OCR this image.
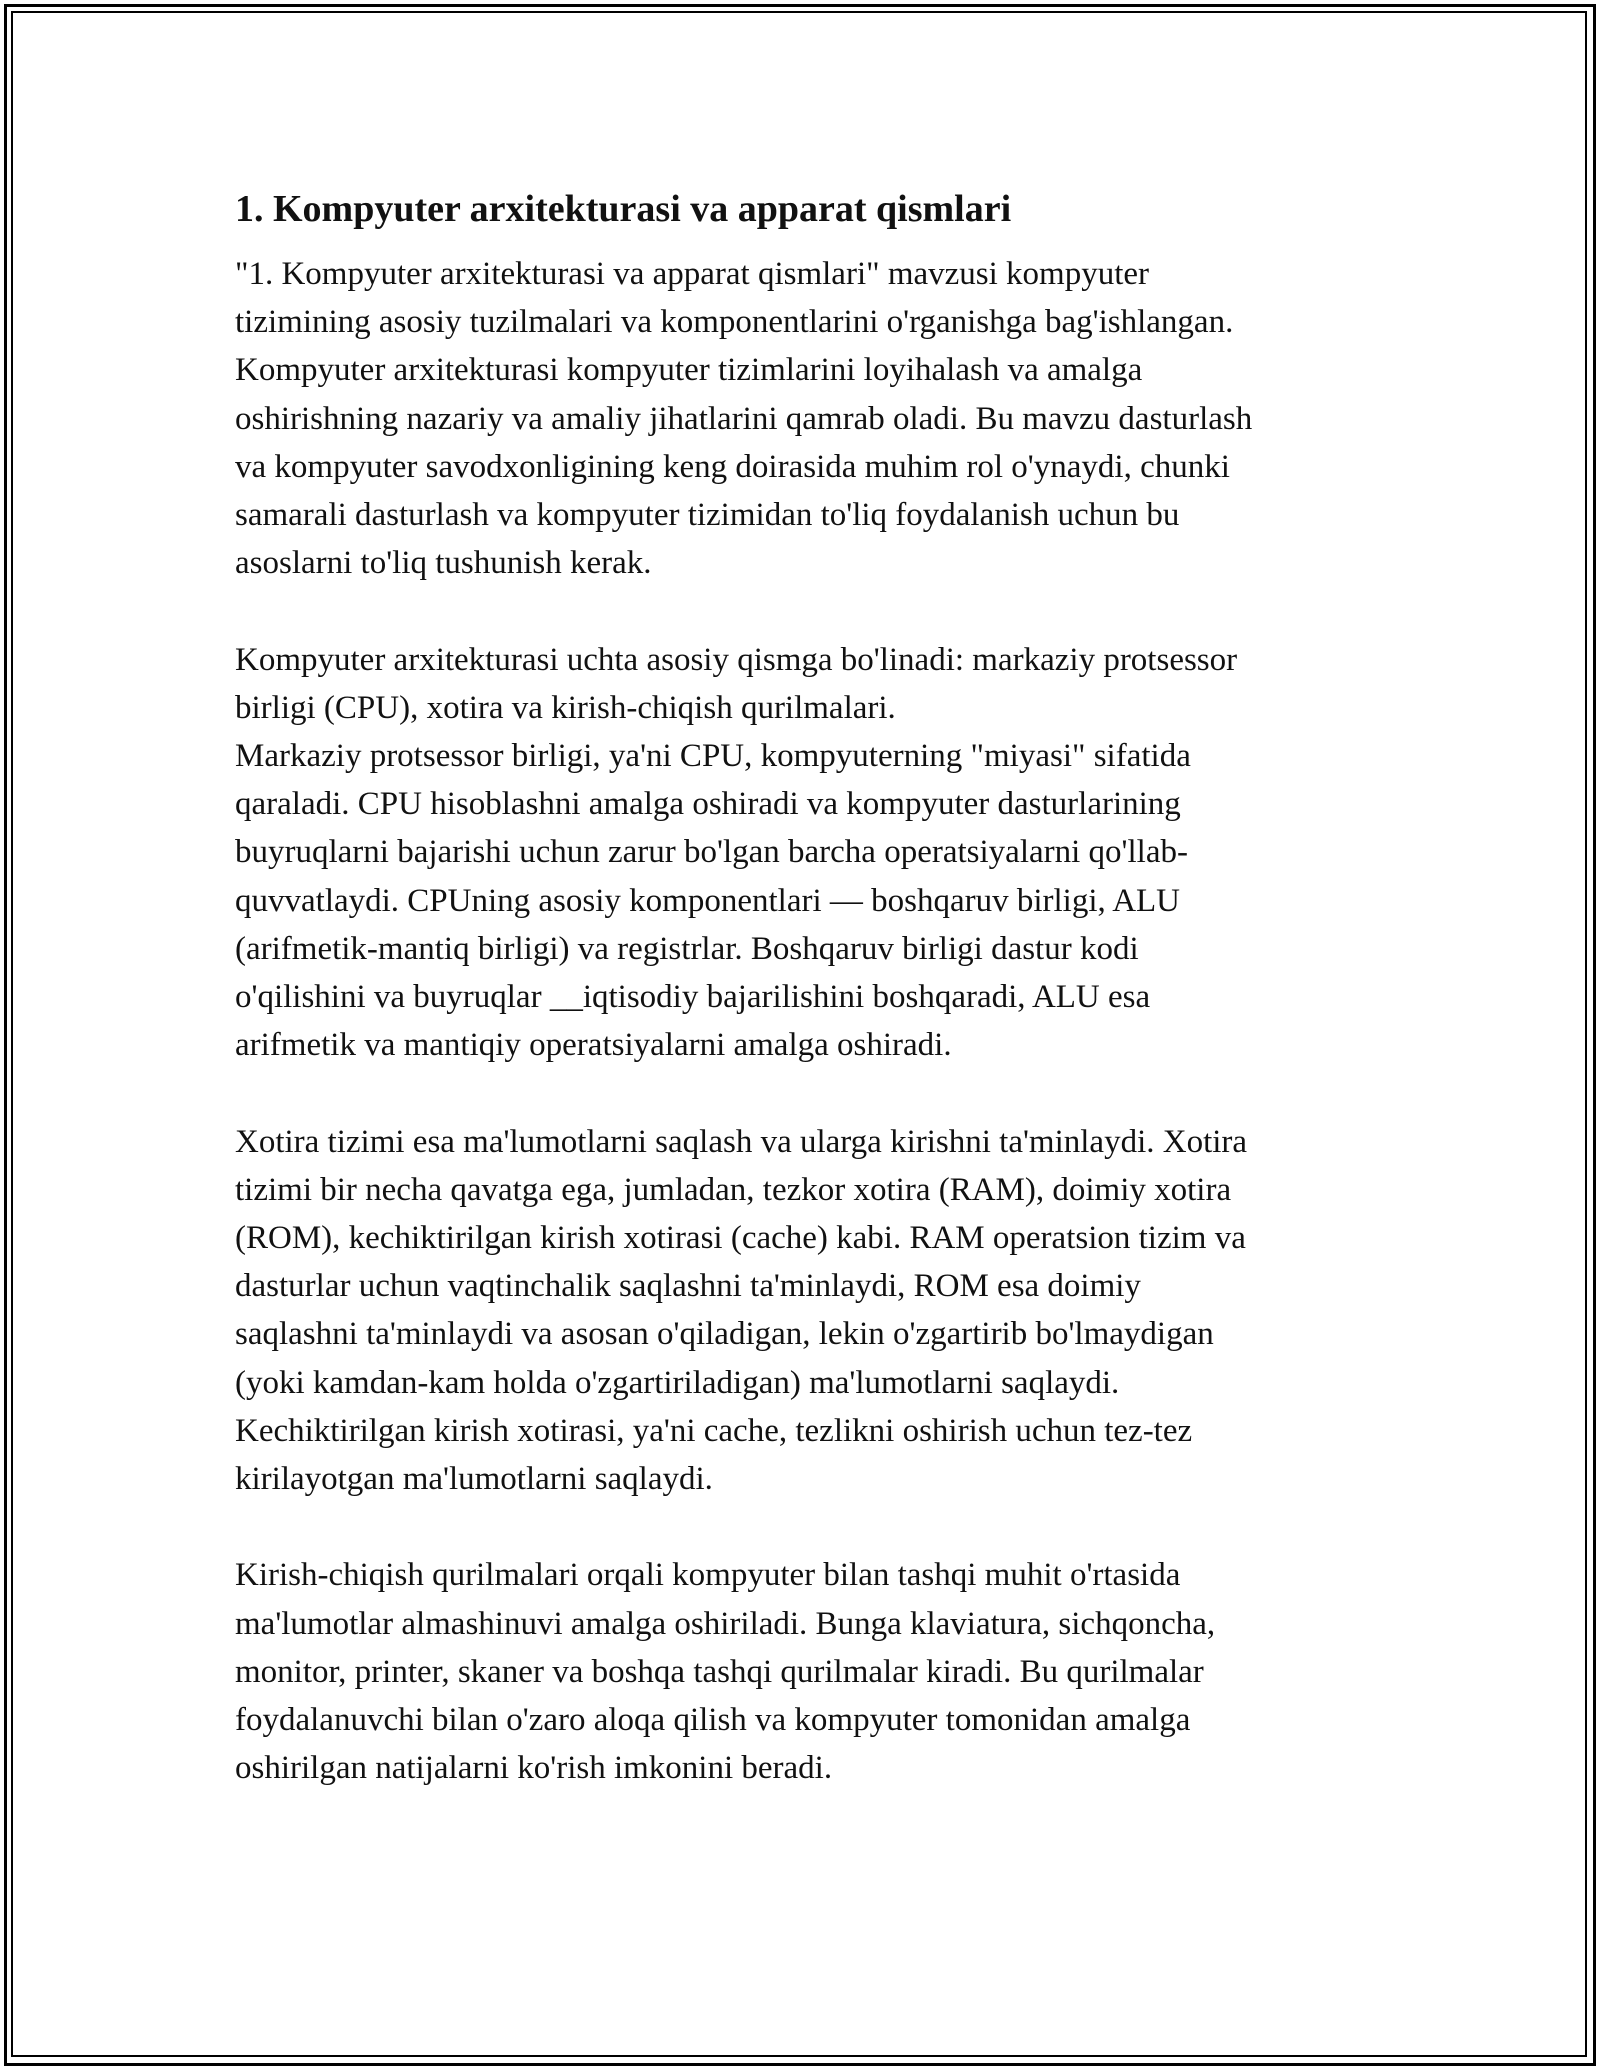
1. Kompyuter arxitekturasi va apparat qismlari

"1. Kompyuter arxitekturasi va apparat qismlari" mavzusi kompyuter
tizimining asosiy tuzilmalari va komponentlarini o'rganishga bag'ishlangan.
Kompyuter arxitekturasi kompyuter tizimlarini loyihalash va amalga
oshirishning nazariy va amaliy jihatlarini qamrab oladi. Bu mavzu dasturlash
va kompyuter savodxonligining keng doirasida muhim rol o'ynaydi, chunki
samarali dasturlash va kompyuter tizimidan to'liq foydalanish uchun bu
asoslarni to'liq tushunish kerak.

Kompyuter arxitekturasi uchta asosiy qismga bo'linadi: markaziy protsessor
birligi (CPU), xotira va kirish-chiqish qurilmalari.
Markaziy protsessor birligi, ya'ni CPU, kompyuterning "miyasi" sifatida
qaraladi. CPU hisoblashni amalga oshiradi va kompyuter dasturlarining
buyruqlarni bajarishi uchun zarur bo'lgan barcha operatsiyalarni qo'llab-
quvvatlaydi. CPUning asosiy komponentlari — boshqaruv birligi, ALU
(arifmetik-mantiq birligi) va registrlar. Boshqaruv birligi dastur kodi
o'qilishini va buyruqlar __iqtisodiy bajarilishini boshqaradi, ALU esa
arifmetik va mantiqiy operatsiyalarni amalga oshiradi.

Xotira tizimi esa ma'lumotlarni saqlash va ularga kirishni ta'minlaydi. Xotira
tizimi bir necha qavatga ega, jumladan, tezkor xotira (RAM), doimiy xotira
(ROM), kechiktirilgan kirish xotirasi (cache) kabi. RAM operatsion tizim va
dasturlar uchun vaqtinchalik saqlashni ta'minlaydi, ROM esa doimiy
saqlashni ta'minlaydi va asosan o'qiladigan, lekin o'zgartirib bo'lmaydigan
(yoki kamdan-kam holda o'zgartiriladigan) ma'lumotlarni saqlaydi.
Kechiktirilgan kirish xotirasi, ya'ni cache, tezlikni oshirish uchun tez-tez
kirilayotgan ma'lumotlarni saqlaydi.

Kirish-chiqish qurilmalari orqali kompyuter bilan tashqi muhit o'rtasida
ma'lumotlar almashinuvi amalga oshiriladi. Bunga klaviatura, sichqoncha,
monitor, printer, skaner va boshqa tashqi qurilmalar kiradi. Bu qurilmalar
foydalanuvchi bilan o'zaro aloqa qilish va kompyuter tomonidan amalga
oshirilgan natijalarni ko'rish imkonini beradi.
